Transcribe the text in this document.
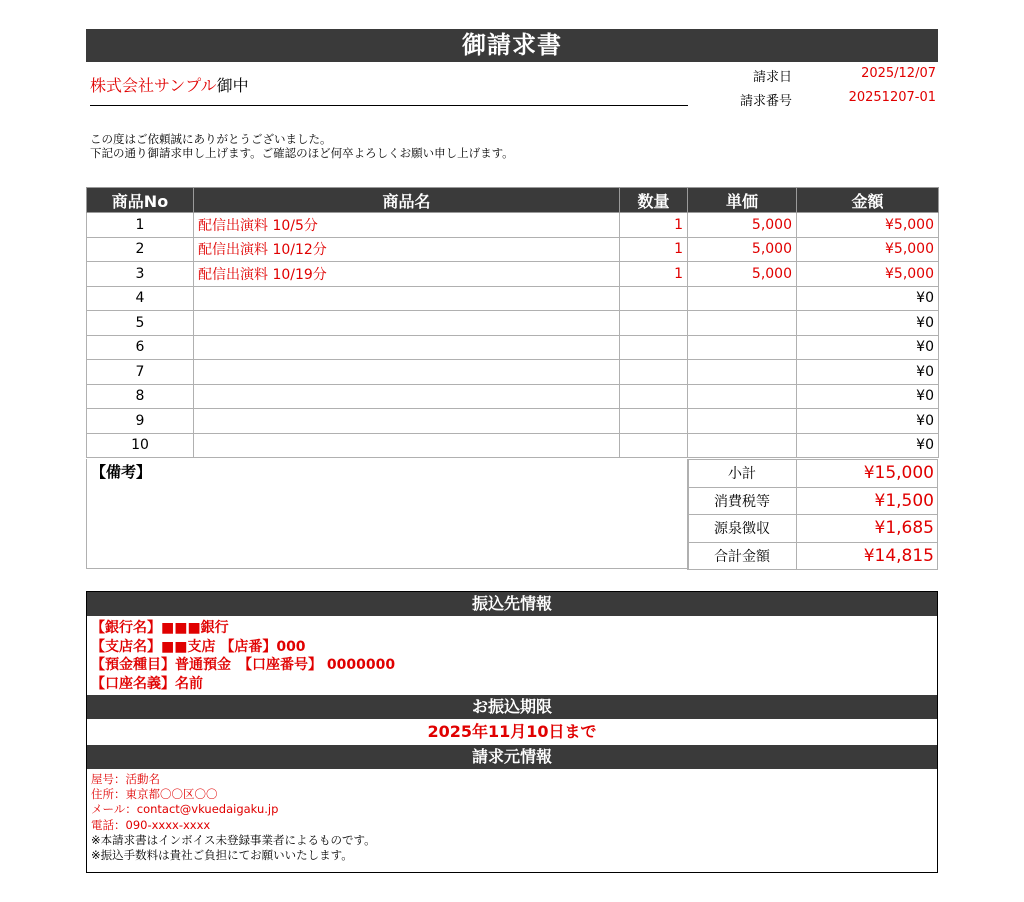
御請求書
株式会社サンプル御中	請求日	2025/12/07
請求番号	20251207-01
この度はご依頼誠にありがとうございました。
下記の通り御請求申し上げます。ご確認のほど何卒よろしくお願い申し上げます。
商品No	商品名	数量	単価	金額
1	配信出演料 10/5分	1	5,000	¥5,000
2	配信出演料 10/12分	1	5,000	¥5,000
3	配信出演料 10/19分	1	5,000	¥5,000
4				¥0
5				¥0
6				¥0
7				¥0
8				¥0
9				¥0
10				¥0
【備考】	小計	¥15,000
消費税等	¥1,500
源泉徴収	¥1,685
合計金額	¥14,815
振込先情報
【銀行名】■■■銀行
【支店名】■■支店 【店番】000
【預金種目】普通預金　【口座番号】 0000000
【口座名義】名前
お振込期限
2025年11月10日まで
請求元情報
屋号：活動名
住所：東京都〇〇区〇〇
メール：contact@vkuedaigaku.jp
電話：090-xxxx-xxxx
※本請求書はインボイス未登録事業者によるものです。
※振込手数料は貴社ご負担にてお願いいたします。
